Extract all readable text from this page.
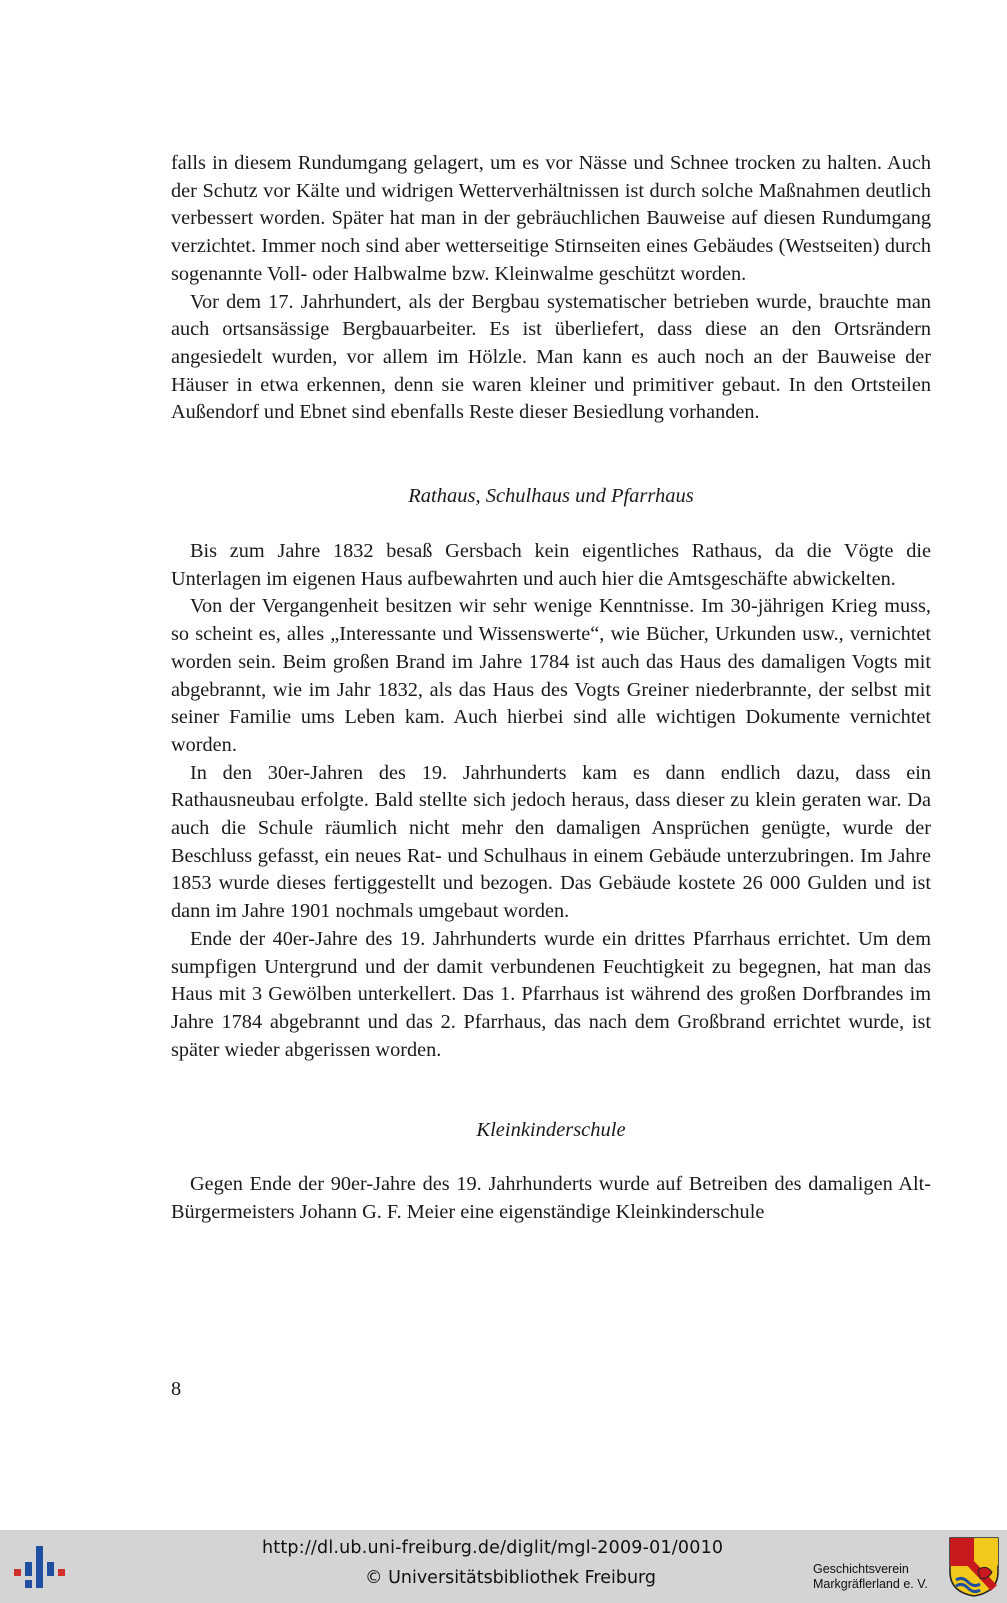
falls in diesem Rundumgang gelagert, um es vor Nässe und Schnee trocken zu halten. Auch der Schutz vor Kälte und widrigen Wetterverhältnissen ist durch solche Maßnahmen deutlich verbessert worden. Später hat man in der gebräuchlichen Bauweise auf diesen Rundumgang verzichtet. Immer noch sind aber wetterseitige Stirnseiten eines Gebäudes (Westseiten) durch sogenannte Voll- oder Halbwalme bzw. Kleinwalme geschützt worden.

Vor dem 17. Jahrhundert, als der Bergbau systematischer betrieben wurde, brauchte man auch ortsansässige Bergbauarbeiter. Es ist überliefert, dass diese an den Ortsrändern angesiedelt wurden, vor allem im Hölzle. Man kann es auch noch an der Bauweise der Häuser in etwa erkennen, denn sie waren kleiner und primitiver gebaut. In den Ortsteilen Außendorf und Ebnet sind ebenfalls Reste dieser Besiedlung vorhanden.

Rathaus, Schulhaus und Pfarrhaus

Bis zum Jahre 1832 besaß Gersbach kein eigentliches Rathaus, da die Vögte die Unterlagen im eigenen Haus aufbewahrten und auch hier die Amtsgeschäfte abwickelten.

Von der Vergangenheit besitzen wir sehr wenige Kenntnisse. Im 30-jährigen Krieg muss, so scheint es, alles „Interessante und Wissenswerte“, wie Bücher, Urkunden usw., vernichtet worden sein. Beim großen Brand im Jahre 1784 ist auch das Haus des damaligen Vogts mit abgebrannt, wie im Jahr 1832, als das Haus des Vogts Greiner niederbrannte, der selbst mit seiner Familie ums Leben kam. Auch hierbei sind alle wichtigen Dokumente vernichtet worden.

In den 30er-Jahren des 19. Jahrhunderts kam es dann endlich dazu, dass ein Rathausneubau erfolgte. Bald stellte sich jedoch heraus, dass dieser zu klein geraten war. Da auch die Schule räumlich nicht mehr den damaligen Ansprüchen genügte, wurde der Beschluss gefasst, ein neues Rat- und Schulhaus in einem Gebäude unterzubringen. Im Jahre 1853 wurde dieses fertiggestellt und bezogen. Das Gebäude kostete 26 000 Gulden und ist dann im Jahre 1901 nochmals umgebaut worden.

Ende der 40er-Jahre des 19. Jahrhunderts wurde ein drittes Pfarrhaus errichtet. Um dem sumpfigen Untergrund und der damit verbundenen Feuchtigkeit zu begegnen, hat man das Haus mit 3 Gewölben unterkellert. Das 1. Pfarrhaus ist während des großen Dorfbrandes im Jahre 1784 abgebrannt und das 2. Pfarrhaus, das nach dem Großbrand errichtet wurde, ist später wieder abgerissen worden.

Kleinkinderschule

Gegen Ende der 90er-Jahre des 19. Jahrhunderts wurde auf Betreiben des damaligen Alt-Bürgermeisters Johann G. F. Meier eine eigenständige Kleinkinderschule

8
http://dl.ub.uni-freiburg.de/diglit/mgl-2009-01/0010
© Universitätsbibliothek Freiburg	Geschichtsverein
Markgräflerland e. V.
